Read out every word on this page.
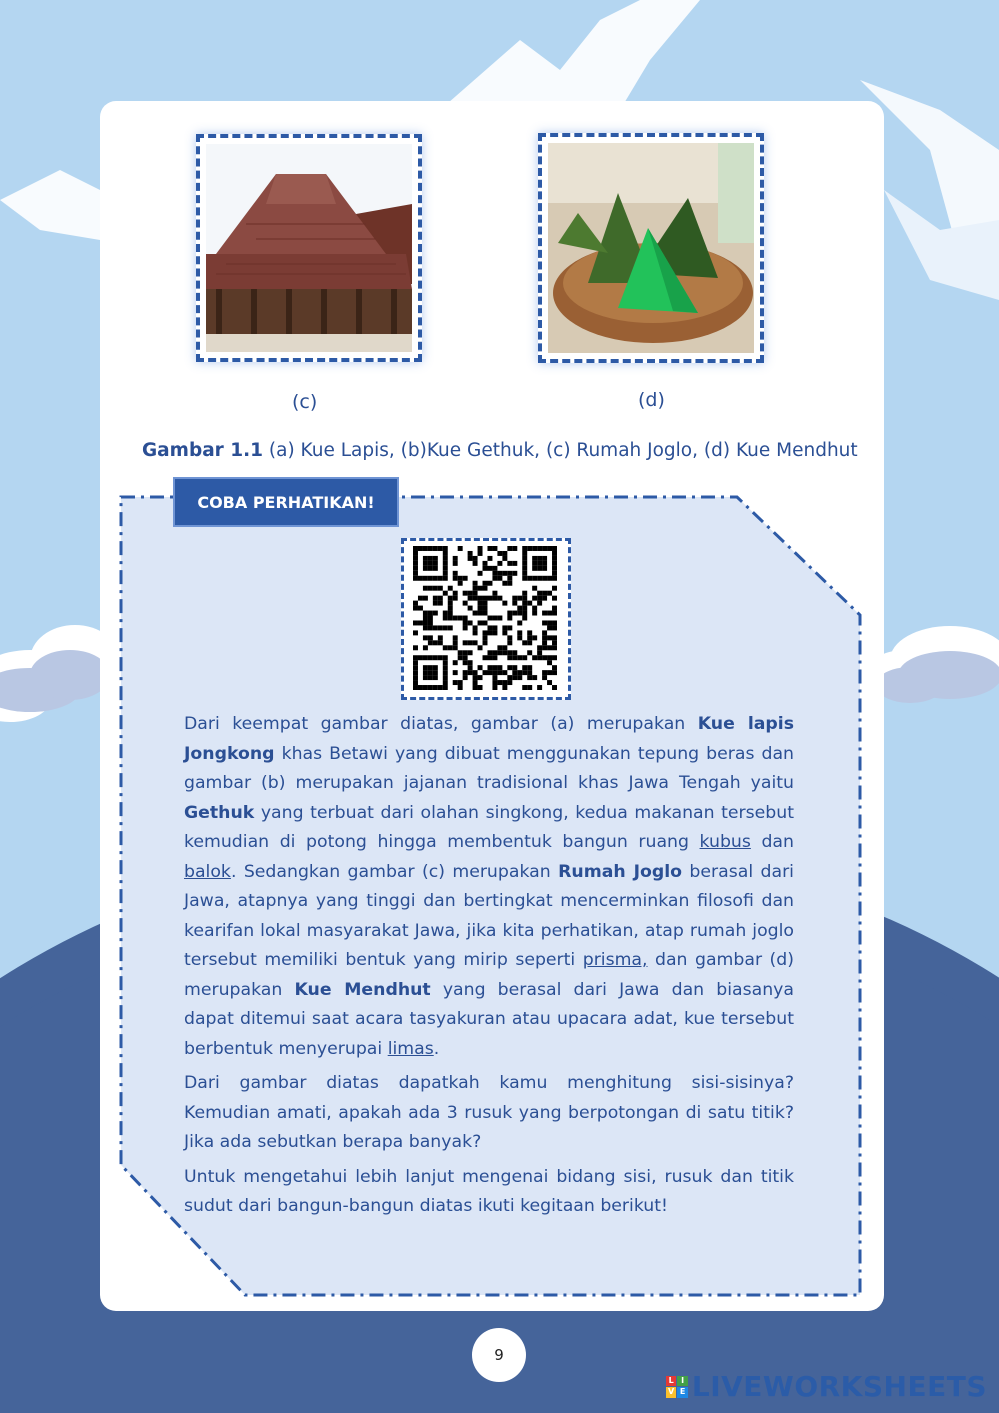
(c)	(d)
Gambar 1.1 (a) Kue Lapis, (b)Kue Gethuk, (c) Rumah Joglo, (d) Kue Mendhut
COBA PERHATIKAN!

Dari keempat gambar diatas, gambar (a) merupakan Kue lapis Jongkong khas Betawi yang dibuat menggunakan tepung beras dan gambar (b) merupakan jajanan tradisional khas Jawa Tengah yaitu Gethuk yang terbuat dari olahan singkong, kedua makanan tersebut kemudian di potong hingga membentuk bangun ruang kubus dan balok. Sedangkan gambar (c) merupakan Rumah Joglo berasal dari Jawa, atapnya yang tinggi dan bertingkat mencerminkan filosofi dan kearifan lokal masyarakat Jawa, jika kita perhatikan, atap rumah joglo tersebut memiliki bentuk yang mirip seperti prisma, dan gambar (d) merupakan Kue Mendhut yang berasal dari Jawa dan biasanya dapat ditemui saat acara tasyakuran atau upacara adat, kue tersebut berbentuk menyerupai limas.

Dari gambar diatas dapatkah kamu menghitung sisi-sisinya? Kemudian amati, apakah ada 3 rusuk yang berpotongan di satu titik? Jika ada sebutkan berapa banyak?

Untuk mengetahui lebih lanjut mengenai bidang sisi, rusuk dan titik sudut dari bangun-bangun diatas ikuti kegitaan berikut!

9
L I
V E LIVEWORKSHEETS
